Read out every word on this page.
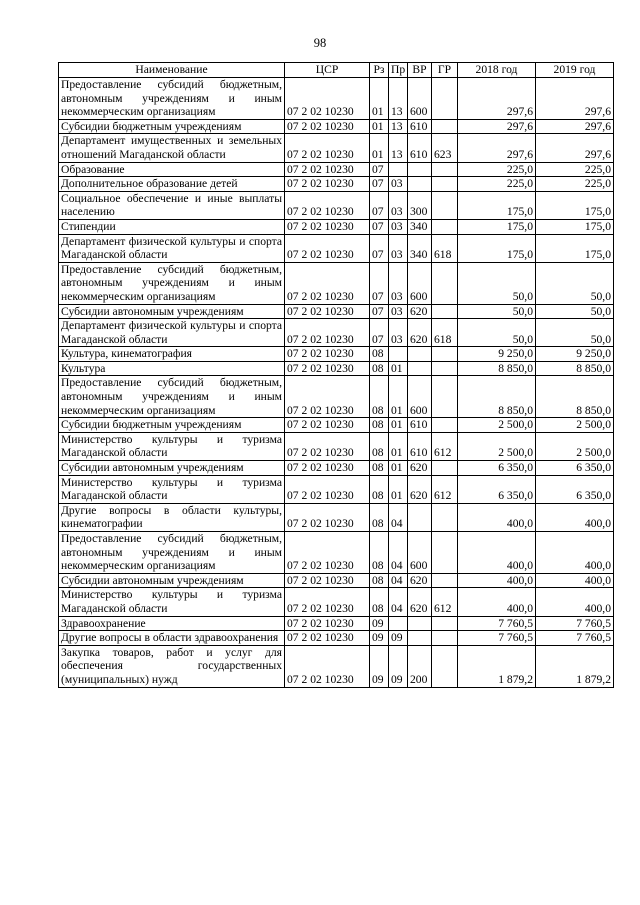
98
Наименование	ЦСР	Рз	Пр	ВР	ГР	2018 год	2019 год
Предоставление субсидий бюджетным, автономным учреждениям и иным некоммерческим организациям	07 2 02 10230	01	13	600		297,6	297,6
Субсидии бюджетным учреждениям	07 2 02 10230	01	13	610		297,6	297,6
Департамент имущественных и земельных отношений Магаданской области	07 2 02 10230	01	13	610	623	297,6	297,6
Образование	07 2 02 10230	07				225,0	225,0
Дополнительное образование детей	07 2 02 10230	07	03			225,0	225,0
Социальное обеспечение и иные выплаты населению	07 2 02 10230	07	03	300		175,0	175,0
Стипендии	07 2 02 10230	07	03	340		175,0	175,0
Департамент физической культуры и спорта Магаданской области	07 2 02 10230	07	03	340	618	175,0	175,0
Предоставление субсидий бюджетным, автономным учреждениям и иным некоммерческим организациям	07 2 02 10230	07	03	600		50,0	50,0
Субсидии автономным учреждениям	07 2 02 10230	07	03	620		50,0	50,0
Департамент физической культуры и спорта Магаданской области	07 2 02 10230	07	03	620	618	50,0	50,0
Культура, кинематография	07 2 02 10230	08				9 250,0	9 250,0
Культура	07 2 02 10230	08	01			8 850,0	8 850,0
Предоставление субсидий бюджетным, автономным учреждениям и иным некоммерческим организациям	07 2 02 10230	08	01	600		8 850,0	8 850,0
Субсидии бюджетным учреждениям	07 2 02 10230	08	01	610		2 500,0	2 500,0
Министерство культуры и туризма Магаданской области	07 2 02 10230	08	01	610	612	2 500,0	2 500,0
Субсидии автономным учреждениям	07 2 02 10230	08	01	620		6 350,0	6 350,0
Министерство культуры и туризма Магаданской области	07 2 02 10230	08	01	620	612	6 350,0	6 350,0
Другие вопросы в области культуры, кинематографии	07 2 02 10230	08	04			400,0	400,0
Предоставление субсидий бюджетным, автономным учреждениям и иным некоммерческим организациям	07 2 02 10230	08	04	600		400,0	400,0
Субсидии автономным учреждениям	07 2 02 10230	08	04	620		400,0	400,0
Министерство культуры и туризма Магаданской области	07 2 02 10230	08	04	620	612	400,0	400,0
Здравоохранение	07 2 02 10230	09				7 760,5	7 760,5
Другие вопросы в области здравоохранения	07 2 02 10230	09	09			7 760,5	7 760,5
Закупка товаров, работ и услуг для обеспечения государственных (муниципальных) нужд	07 2 02 10230	09	09	200		1 879,2	1 879,2
